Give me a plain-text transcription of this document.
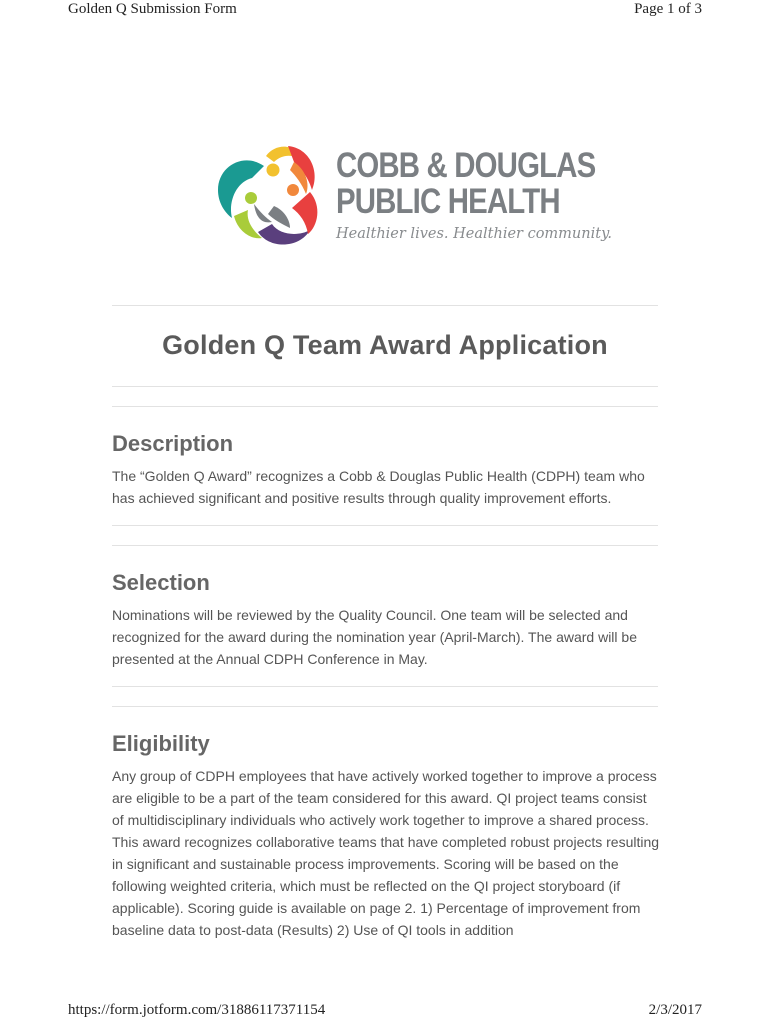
Golden Q Submission Form	Page 1 of 3
COBB & DOUGLAS
PUBLIC HEALTH
Healthier lives. Healthier community.
Golden Q Team Award Application
Description

The “Golden Q Award” recognizes a Cobb & Douglas Public Health (CDPH) team who has achieved significant and positive results through quality improvement efforts.

Selection

Nominations will be reviewed by the Quality Council. One team will be selected and recognized for the award during the nomination year (April-March). The award will be presented at the Annual CDPH Conference in May.

Eligibility

Any group of CDPH employees that have actively worked together to improve a process are eligible to be a part of the team considered for this award. QI project teams consist of multidisciplinary individuals who actively work together to improve a shared process. This award recognizes collaborative teams that have completed robust projects resulting in significant and sustainable process improvements. Scoring will be based on the following weighted criteria, which must be reflected on the QI project storyboard (if applicable). Scoring guide is available on page 2. 1) Percentage of improvement from baseline data to post-data (Results) 2) Use of QI tools in addition

https://form.jotform.com/31886117371154	2/3/2017
